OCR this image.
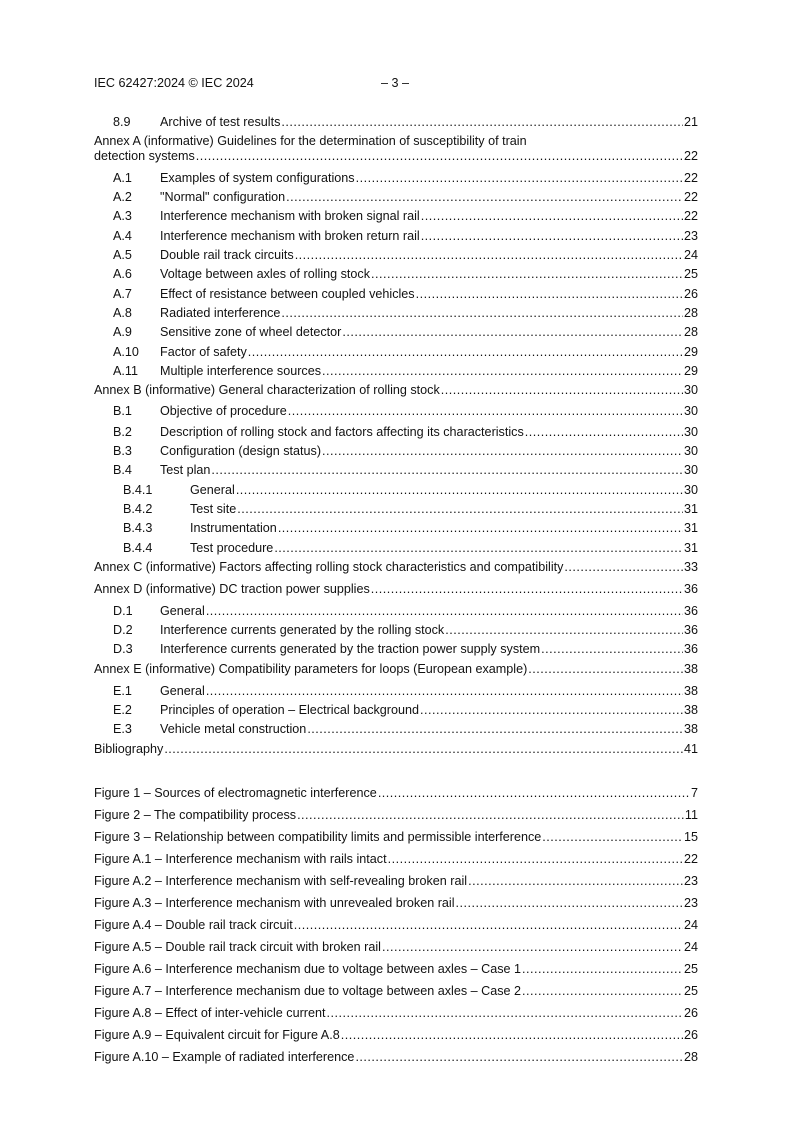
IEC 62427:2024 © IEC 2024	– 3 –
8.9	Archive of test results .....	21
Annex A (informative) Guidelines for the determination of susceptibility of train
detection systems .....	22
A.1	Examples of system configurations .....	22
A.2	"Normal" configuration .....	22
A.3	Interference mechanism with broken signal rail .....	22
A.4	Interference mechanism with broken return rail .....	23
A.5	Double rail track circuits .....	24
A.6	Voltage between axles of rolling stock .....	25
A.7	Effect of resistance between coupled vehicles .....	26
A.8	Radiated interference .....	28
A.9	Sensitive zone of wheel detector .....	28
A.10	Factor of safety .....	29
A.11	Multiple interference sources .....	29
Annex B (informative) General characterization of rolling stock .....	30
B.1	Objective of procedure .....	30
B.2	Description of rolling stock and factors affecting its characteristics .....	30
B.3	Configuration (design status) .....	30
B.4	Test plan .....	30
B.4.1	General .....	30
B.4.2	Test site .....	31
B.4.3	Instrumentation .....	31
B.4.4	Test procedure .....	31
Annex C (informative) Factors affecting rolling stock characteristics and compatibility .....	33
Annex D (informative) DC traction power supplies .....	36
D.1	General .....	36
D.2	Interference currents generated by the rolling stock .....	36
D.3	Interference currents generated by the traction power supply system .....	36
Annex E (informative) Compatibility parameters for loops (European example) .....	38
E.1	General .....	38
E.2	Principles of operation – Electrical background .....	38
E.3	Vehicle metal construction .....	38
Bibliography .....	41
Figure 1 – Sources of electromagnetic interference .....	7
Figure 2 – The compatibility process .....	11
Figure 3 – Relationship between compatibility limits and permissible interference .....	15
Figure A.1 – Interference mechanism with rails intact .....	22
Figure A.2 – Interference mechanism with self-revealing broken rail .....	23
Figure A.3 – Interference mechanism with unrevealed broken rail .....	23
Figure A.4 – Double rail track circuit .....	24
Figure A.5 – Double rail track circuit with broken rail .....	24
Figure A.6 – Interference mechanism due to voltage between axles – Case 1 .....	25
Figure A.7 – Interference mechanism due to voltage between axles – Case 2 .....	25
Figure A.8 – Effect of inter-vehicle current .....	26
Figure A.9 – Equivalent circuit for Figure A.8 .....	26
Figure A.10 – Example of radiated interference .....	28
